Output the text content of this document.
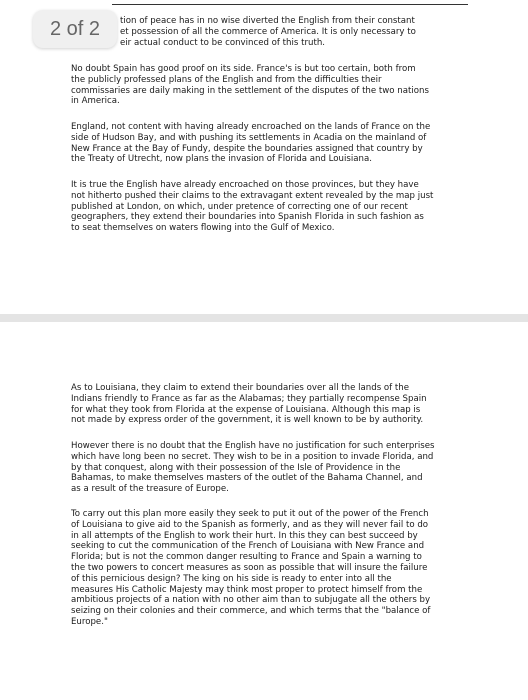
2 of 2	tion of peace has in no wise diverted the English from their constant
et possession of all the commerce of America. It is only necessary to
eir actual conduct to be convinced of this truth.

No doubt Spain has good proof on its side. France's is but too certain, both from
the publicly professed plans of the English and from the difficulties their
commissaries are daily making in the settlement of the disputes of the two nations
in America.

England, not content with having already encroached on the lands of France on the
side of Hudson Bay, and with pushing its settlements in Acadia on the mainland of
New France at the Bay of Fundy, despite the boundaries assigned that country by
the Treaty of Utrecht, now plans the invasion of Florida and Louisiana.

It is true the English have already encroached on those provinces, but they have
not hitherto pushed their claims to the extravagant extent revealed by the map just
published at London, on which, under pretence of correcting one of our recent
geographers, they extend their boundaries into Spanish Florida in such fashion as
to seat themselves on waters flowing into the Gulf of Mexico.

As to Louisiana, they claim to extend their boundaries over all the lands of the
Indians friendly to France as far as the Alabamas; they partially recompense Spain
for what they took from Florida at the expense of Louisiana. Although this map is
not made by express order of the government, it is well known to be by authority.

However there is no doubt that the English have no justification for such enterprises
which have long been no secret. They wish to be in a position to invade Florida, and
by that conquest, along with their possession of the Isle of Providence in the
Bahamas, to make themselves masters of the outlet of the Bahama Channel, and
as a result of the treasure of Europe.

To carry out this plan more easily they seek to put it out of the power of the French
of Louisiana to give aid to the Spanish as formerly, and as they will never fail to do
in all attempts of the English to work their hurt. In this they can best succeed by
seeking to cut the communication of the French of Louisiana with New France and
Florida; but is not the common danger resulting to France and Spain a warning to
the two powers to concert measures as soon as possible that will insure the failure
of this pernicious design? The king on his side is ready to enter into all the
measures His Catholic Majesty may think most proper to protect himself from the
ambitious projects of a nation with no other aim than to subjugate all the others by
seizing on their colonies and their commerce, and which terms that the "balance of
Europe."
